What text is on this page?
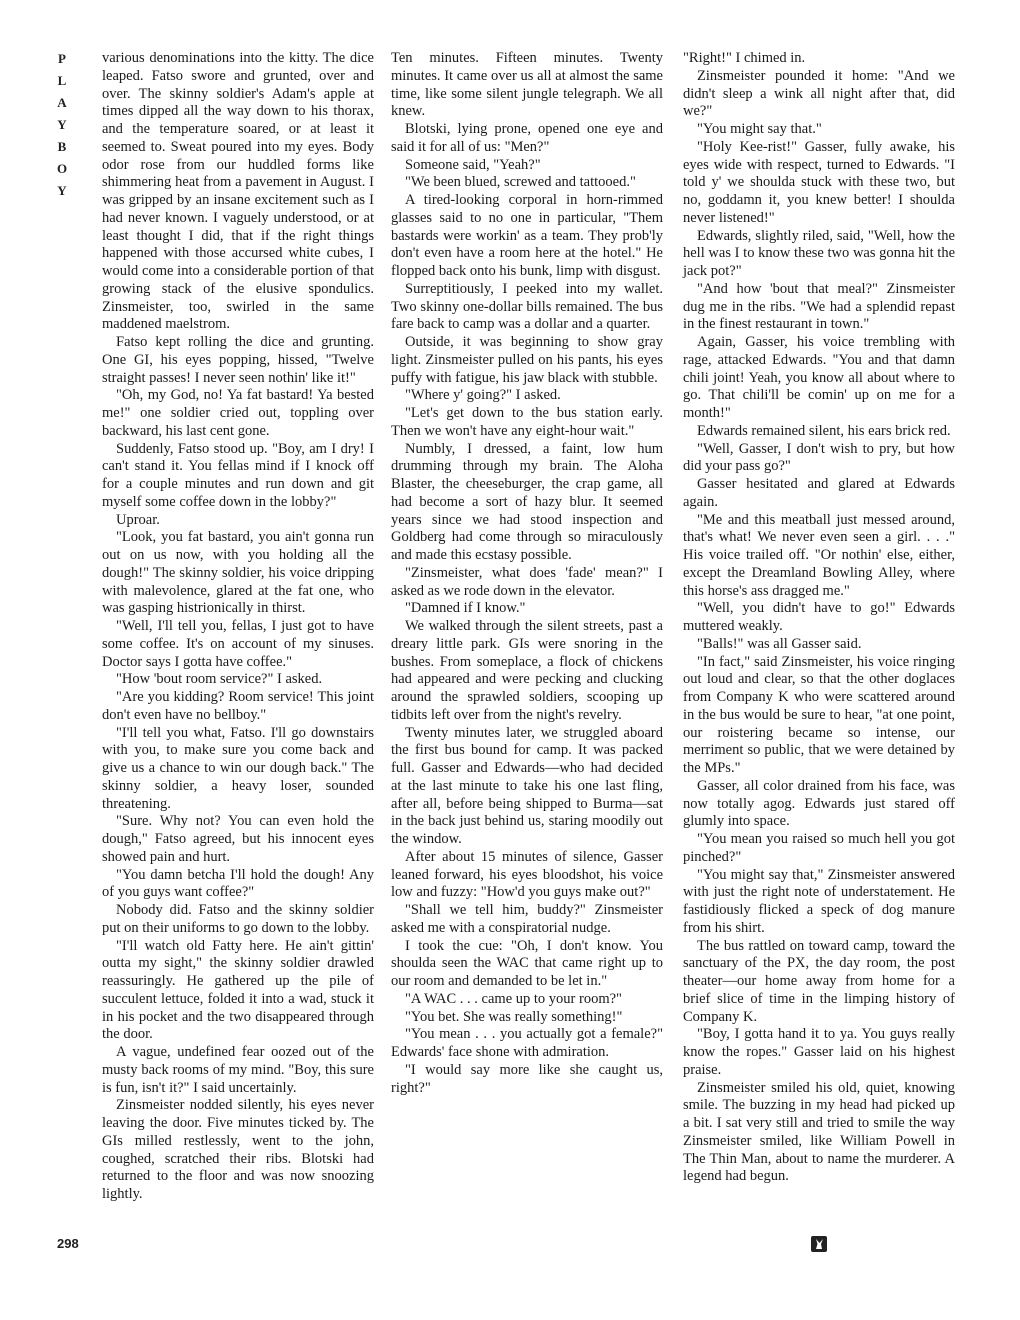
P
L
A
Y
B
O
Y

various denominations into the kitty. The dice leaped. Fatso swore and grunted, over and over. The skinny soldier's Adam's apple at times dipped all the way down to his thorax, and the temperature soared, or at least it seemed to. Sweat poured into my eyes. Body odor rose from our huddled forms like shimmering heat from a pavement in August. I was gripped by an insane excitement such as I had never known. I vaguely understood, or at least thought I did, that if the right things happened with those accursed white cubes, I would come into a considerable portion of that growing stack of the elusive spondulics. Zinsmeister, too, swirled in the same maddened maelstrom.

Fatso kept rolling the dice and grunting. One GI, his eyes popping, hissed, "Twelve straight passes! I never seen nothin' like it!"

"Oh, my God, no! Ya fat bastard! Ya bested me!" one soldier cried out, toppling over backward, his last cent gone.

Suddenly, Fatso stood up. "Boy, am I dry! I can't stand it. You fellas mind if I knock off for a couple minutes and run down and git myself some coffee down in the lobby?"

Uproar.

"Look, you fat bastard, you ain't gonna run out on us now, with you holding all the dough!" The skinny soldier, his voice dripping with malevolence, glared at the fat one, who was gasping histrionically in thirst.

"Well, I'll tell you, fellas, I just got to have some coffee. It's on account of my sinuses. Doctor says I gotta have coffee."

"How 'bout room service?" I asked.

"Are you kidding? Room service! This joint don't even have no bellboy."

"I'll tell you what, Fatso. I'll go downstairs with you, to make sure you come back and give us a chance to win our dough back." The skinny soldier, a heavy loser, sounded threatening.

"Sure. Why not? You can even hold the dough," Fatso agreed, but his innocent eyes showed pain and hurt.

"You damn betcha I'll hold the dough! Any of you guys want coffee?"

Nobody did. Fatso and the skinny soldier put on their uniforms to go down to the lobby.

"I'll watch old Fatty here. He ain't gittin' outta my sight," the skinny soldier drawled reassuringly. He gathered up the pile of succulent lettuce, folded it into a wad, stuck it in his pocket and the two disappeared through the door.

A vague, undefined fear oozed out of the musty back rooms of my mind. "Boy, this sure is fun, isn't it?" I said uncertainly.

Zinsmeister nodded silently, his eyes never leaving the door. Five minutes ticked by. The GIs milled restlessly, went to the john, coughed, scratched their ribs. Blotski had returned to the floor and was now snoozing lightly.

Ten minutes. Fifteen minutes. Twenty minutes. It came over us all at almost the same time, like some silent jungle telegraph. We all knew.

Blotski, lying prone, opened one eye and said it for all of us: "Men?"

Someone said, "Yeah?"

"We been blued, screwed and tattooed."

A tired-looking corporal in horn-rimmed glasses said to no one in particular, "Them bastards were workin' as a team. They prob'ly don't even have a room here at the hotel." He flopped back onto his bunk, limp with disgust.

Surreptitiously, I peeked into my wallet. Two skinny one-dollar bills remained. The bus fare back to camp was a dollar and a quarter.

Outside, it was beginning to show gray light. Zinsmeister pulled on his pants, his eyes puffy with fatigue, his jaw black with stubble.

"Where y' going?" I asked.

"Let's get down to the bus station early. Then we won't have any eight-hour wait."

Numbly, I dressed, a faint, low hum drumming through my brain. The Aloha Blaster, the cheeseburger, the crap game, all had become a sort of hazy blur. It seemed years since we had stood inspection and Goldberg had come through so miraculously and made this ecstasy possible.

"Zinsmeister, what does 'fade' mean?" I asked as we rode down in the elevator.

"Damned if I know."

We walked through the silent streets, past a dreary little park. GIs were snoring in the bushes. From someplace, a flock of chickens had appeared and were pecking and clucking around the sprawled soldiers, scooping up tidbits left over from the night's revelry.

Twenty minutes later, we struggled aboard the first bus bound for camp. It was packed full. Gasser and Edwards—who had decided at the last minute to take his one last fling, after all, before being shipped to Burma—sat in the back just behind us, staring moodily out the window.

After about 15 minutes of silence, Gasser leaned forward, his eyes bloodshot, his voice low and fuzzy: "How'd you guys make out?"

"Shall we tell him, buddy?" Zinsmeister asked me with a conspiratorial nudge.

I took the cue: "Oh, I don't know. You shoulda seen the WAC that came right up to our room and demanded to be let in."

"A WAC . . . came up to your room?"

"You bet. She was really something!"

"You mean . . . you actually got a female?" Edwards' face shone with admiration.

"I would say more like she caught us, right?"

"Right!" I chimed in.

Zinsmeister pounded it home: "And we didn't sleep a wink all night after that, did we?"

"You might say that."

"Holy Kee-rist!" Gasser, fully awake, his eyes wide with respect, turned to Edwards. "I told y' we shoulda stuck with these two, but no, goddamn it, you knew better! I shoulda never listened!"

Edwards, slightly riled, said, "Well, how the hell was I to know these two was gonna hit the jack pot?"

"And how 'bout that meal?" Zinsmeister dug me in the ribs. "We had a splendid repast in the finest restaurant in town."

Again, Gasser, his voice trembling with rage, attacked Edwards. "You and that damn chili joint! Yeah, you know all about where to go. That chili'll be comin' up on me for a month!"

Edwards remained silent, his ears brick red.

"Well, Gasser, I don't wish to pry, but how did your pass go?"

Gasser hesitated and glared at Edwards again.

"Me and this meatball just messed around, that's what! We never even seen a girl. . . ." His voice trailed off. "Or nothin' else, either, except the Dreamland Bowling Alley, where this horse's ass dragged me."

"Well, you didn't have to go!" Edwards muttered weakly.

"Balls!" was all Gasser said.

"In fact," said Zinsmeister, his voice ringing out loud and clear, so that the other doglaces from Company K who were scattered around in the bus would be sure to hear, "at one point, our roistering became so intense, our merriment so public, that we were detained by the MPs."

Gasser, all color drained from his face, was now totally agog. Edwards just stared off glumly into space.

"You mean you raised so much hell you got pinched?"

"You might say that," Zinsmeister answered with just the right note of understatement. He fastidiously flicked a speck of dog manure from his shirt.

The bus rattled on toward camp, toward the sanctuary of the PX, the day room, the post theater—our home away from home for a brief slice of time in the limping history of Company K.

"Boy, I gotta hand it to ya. You guys really know the ropes." Gasser laid on his highest praise.

Zinsmeister smiled his old, quiet, knowing smile. The buzzing in my head had picked up a bit. I sat very still and tried to smile the way Zinsmeister smiled, like William Powell in The Thin Man, about to name the murderer. A legend had begun.

298
